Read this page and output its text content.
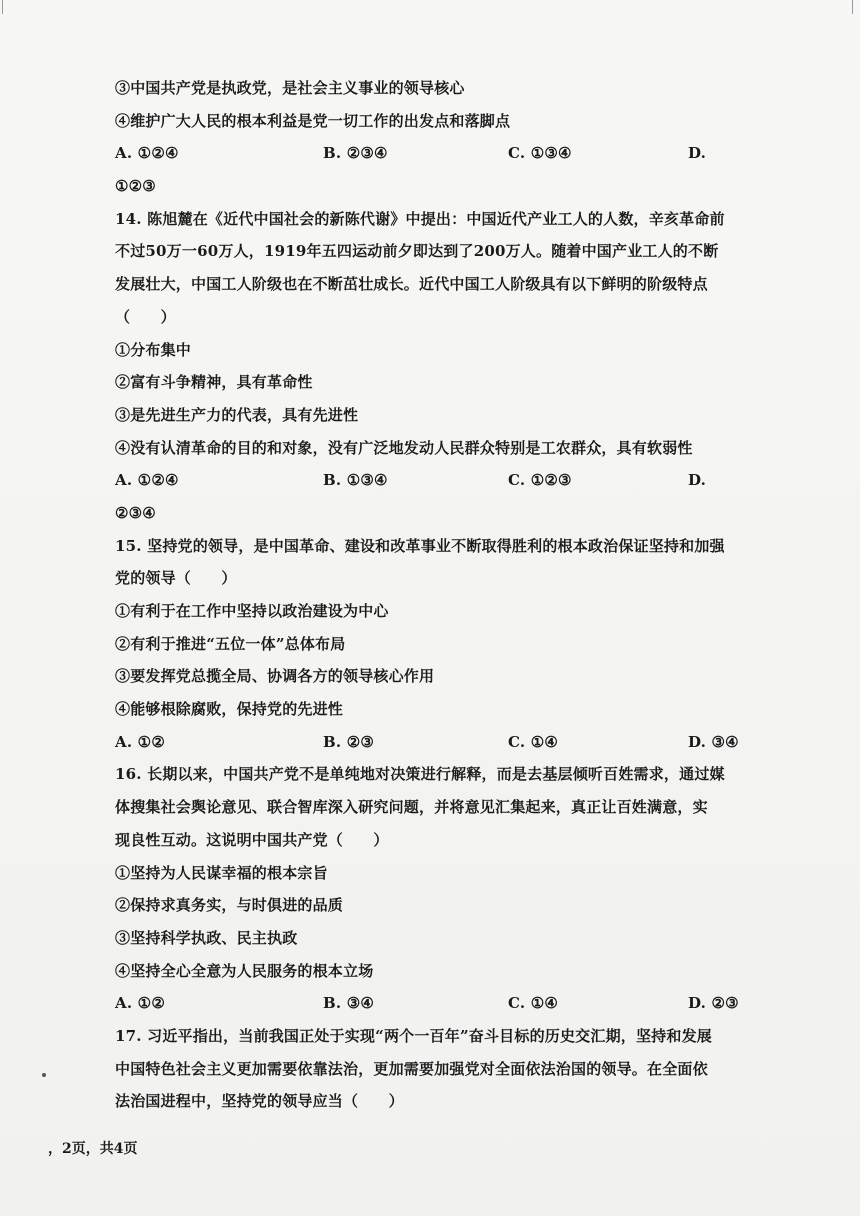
③中国共产党是执政党，是社会主义事业的领导核心
④维护广大人民的根本利益是党一切工作的出发点和落脚点
A. ①②④	B. ②③④	C. ①③④	D.
①②③
14. 陈旭麓在《近代中国社会的新陈代谢》中提出：中国近代产业工人的人数，辛亥革命前
不过50万一60万人，1919年五四运动前夕即达到了200万人。随着中国产业工人的不断
发展壮大，中国工人阶级也在不断茁壮成长。近代中国工人阶级具有以下鲜明的阶级特点
（　　）
①分布集中
②富有斗争精神，具有革命性
③是先进生产力的代表，具有先进性
④没有认清革命的目的和对象，没有广泛地发动人民群众特别是工农群众，具有软弱性
A. ①②④	B. ①③④	C. ①②③	D.
②③④
15. 坚持党的领导，是中国革命、建设和改革事业不断取得胜利的根本政治保证坚持和加强
党的领导（　　）
①有利于在工作中坚持以政治建设为中心
②有利于推进“五位一体”总体布局
③要发挥党总揽全局、协调各方的领导核心作用
④能够根除腐败，保持党的先进性
A. ①②	B. ②③	C. ①④	D. ③④
16. 长期以来，中国共产党不是单纯地对决策进行解释，而是去基层倾听百姓需求，通过媒
体搜集社会舆论意见、联合智库深入研究问题，并将意见汇集起来，真正让百姓满意，实
现良性互动。这说明中国共产党（　　）
①坚持为人民谋幸福的根本宗旨
②保持求真务实，与时俱进的品质
③坚持科学执政、民主执政
④坚持全心全意为人民服务的根本立场
A. ①②	B. ③④	C. ①④	D. ②③
17. 习近平指出，当前我国正处于实现“两个一百年”奋斗目标的历史交汇期，坚持和发展
中国特色社会主义更加需要依靠法治，更加需要加强党对全面依法治国的领导。在全面依
法治国进程中，坚持党的领导应当（　　）
，2页，共4页
